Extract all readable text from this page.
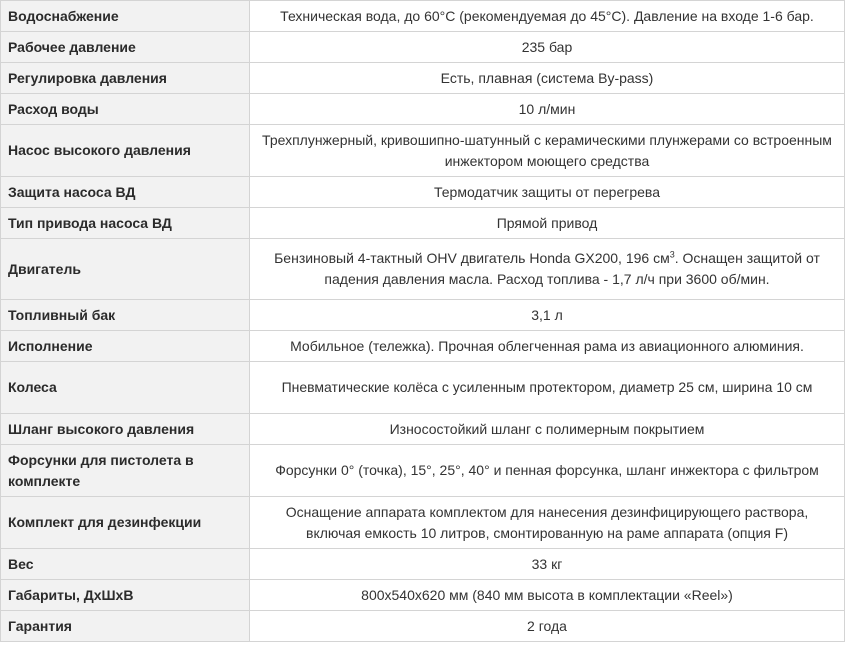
Водоснабжение	Техническая вода, до 60°С (рекомендуемая до 45°С). Давление на входе 1-6 бар.
Рабочее давление	235 бар
Регулировка давления	Есть, плавная (система By-pass)
Расход воды	10 л/мин
Насос высокого давления	Трехплунжерный, кривошипно-шатунный с керамическими плунжерами со встроенным инжектором моющего средства
Защита насоса ВД	Термодатчик защиты от перегрева
Тип привода насоса ВД	Прямой привод
Двигатель	Бензиновый 4-тактный OHV двигатель Honda GX200, 196 $см^3$. Оснащен защитой от падения давления масла. Расход топлива - 1,7 л/ч при 3600 об/мин.
Топливный бак	3,1 л
Исполнение	Мобильное (тележка). Прочная облегченная рама из авиационного алюминия.
Колеса	Пневматические колёса с усиленным протектором, диаметр 25 см, ширина 10 см
Шланг высокого давления	Износостойкий шланг с полимерным покрытием
Форсунки для пистолета в комплекте	Форсунки 0° (точка), 15°, 25°, 40° и пенная форсунка, шланг инжектора с фильтром
Комплект для дезинфекции	Оснащение аппарата комплектом для нанесения дезинфицирующего раствора, включая емкость 10 литров, смонтированную на раме аппарата (опция F)
Вес	33 кг
Габариты, ДхШхВ	800х540х620 мм (840 мм высота в комплектации «Reel»)
Гарантия	2 года
